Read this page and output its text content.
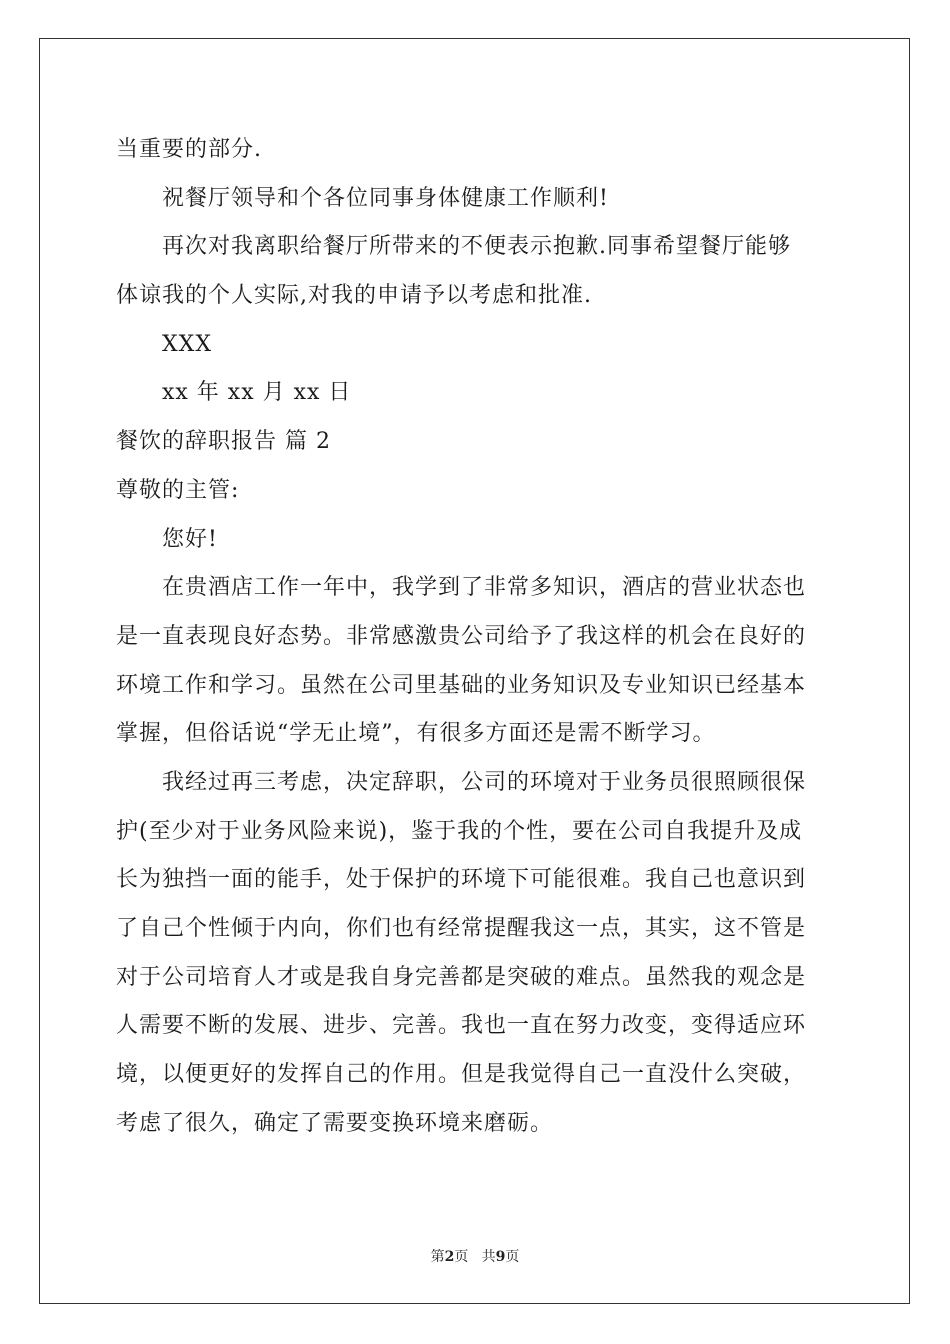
当重要的部分.
祝餐厅领导和个各位同事身体健康工作顺利!
再次对我离职给餐厅所带来的不便表示抱歉.同事希望餐厅能够
体谅我的个人实际,对我的申请予以考虑和批准.
XXX
xx 年 xx 月 xx 日
餐饮的辞职报告 篇 2
尊敬的主管:
您好!
在贵酒店工作一年中，我学到了非常多知识，酒店的营业状态也
是一直表现良好态势。非常感激贵公司给予了我这样的机会在良好的
环境工作和学习。虽然在公司里基础的业务知识及专业知识已经基本
掌握，但俗话说“学无止境”，有很多方面还是需不断学习。
我经过再三考虑，决定辞职，公司的环境对于业务员很照顾很保
护(至少对于业务风险来说)，鉴于我的个性，要在公司自我提升及成
长为独挡一面的能手，处于保护的环境下可能很难。我自己也意识到
了自己个性倾于内向，你们也有经常提醒我这一点，其实，这不管是
对于公司培育人才或是我自身完善都是突破的难点。虽然我的观念是
人需要不断的发展、进步、完善。我也一直在努力改变，变得适应环
境，以便更好的发挥自己的作用。但是我觉得自己一直没什么突破，
考虑了很久，确定了需要变换环境来磨砺。
第2页   共9页
